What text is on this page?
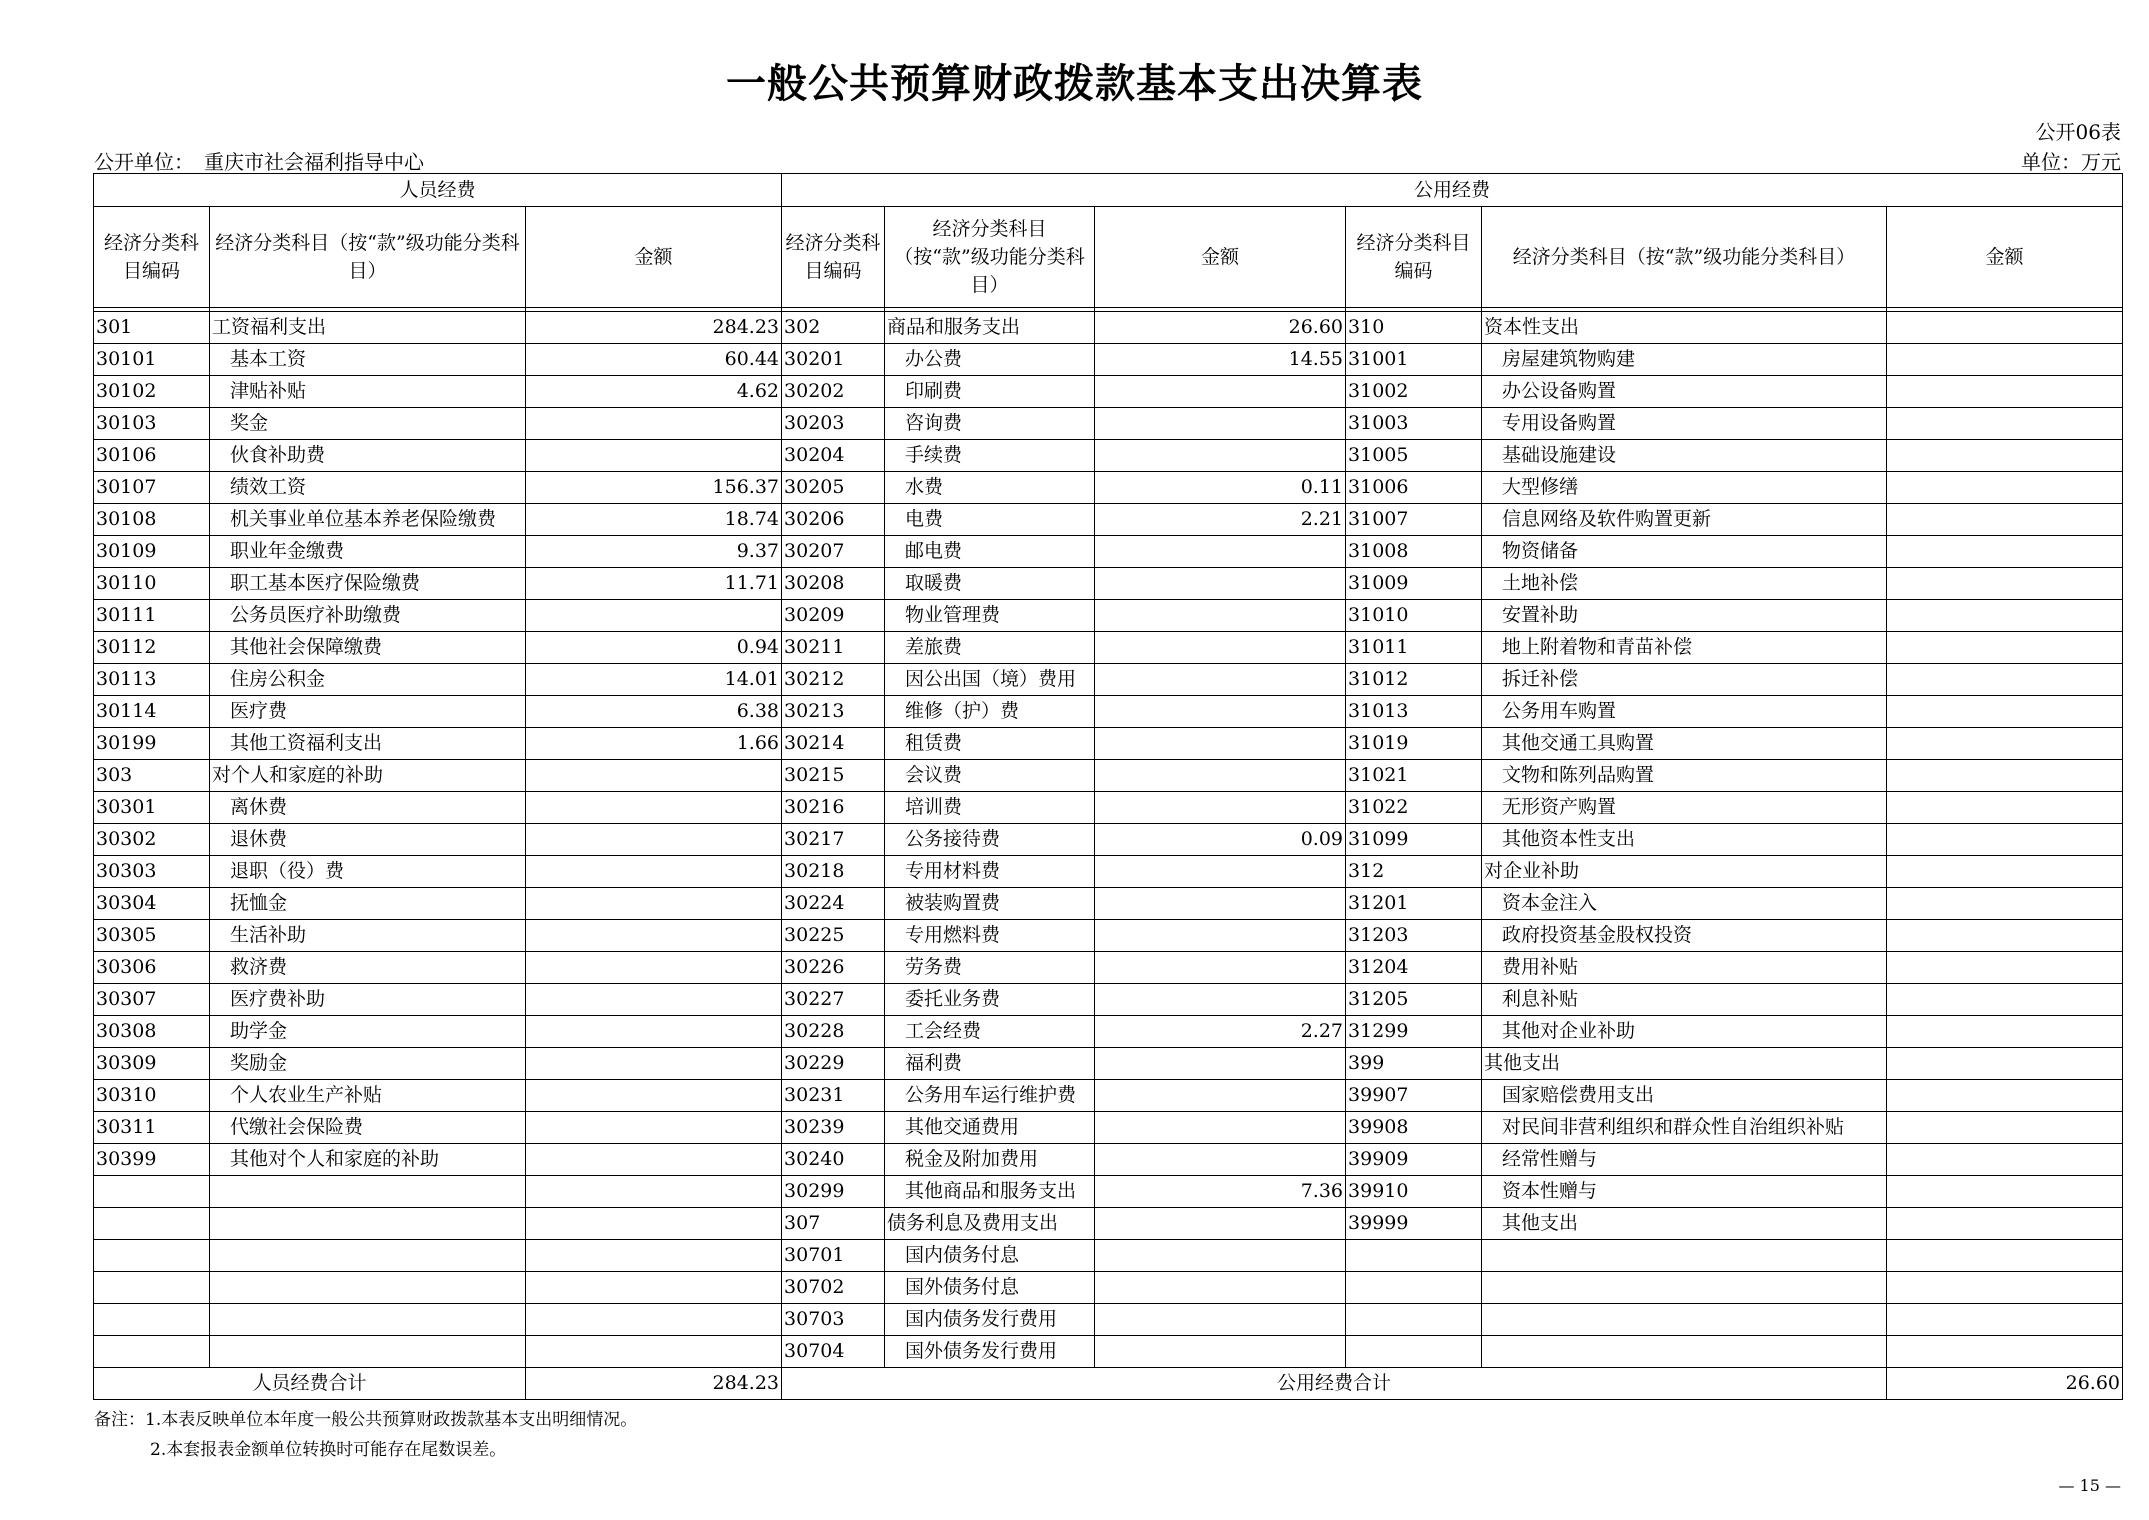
一般公共预算财政拨款基本支出决算表
公开06表
公开单位：　重庆市社会福利指导中心	单位：万元
人员经费			公用经费					
经济分类科目编码	经济分类科目（按“款”级功能分类科目）	金额	经济分类科目编码	经济分类科目（按“款”级功能分类科目）	金额	经济分类科目编码	经济分类科目（按“款”级功能分类科目）	金额

301	工资福利支出	284.23	302	商品和服务支出	26.60	310	资本性支出	
30101	基本工资	60.44	30201	办公费	14.55	31001	房屋建筑物购建	
30102	津贴补贴	4.62	30202	印刷费		31002	办公设备购置	
30103	奖金		30203	咨询费		31003	专用设备购置	
30106	伙食补助费		30204	手续费		31005	基础设施建设	
30107	绩效工资	156.37	30205	水费	0.11	31006	大型修缮	
30108	机关事业单位基本养老保险缴费	18.74	30206	电费	2.21	31007	信息网络及软件购置更新	
30109	职业年金缴费	9.37	30207	邮电费		31008	物资储备	
30110	职工基本医疗保险缴费	11.71	30208	取暖费		31009	土地补偿	
30111	公务员医疗补助缴费		30209	物业管理费		31010	安置补助	
30112	其他社会保障缴费	0.94	30211	差旅费		31011	地上附着物和青苗补偿	
30113	住房公积金	14.01	30212	因公出国（境）费用		31012	拆迁补偿	
30114	医疗费	6.38	30213	维修（护）费		31013	公务用车购置	
30199	其他工资福利支出	1.66	30214	租赁费		31019	其他交通工具购置	
303	对个人和家庭的补助		30215	会议费		31021	文物和陈列品购置	
30301	离休费		30216	培训费		31022	无形资产购置	
30302	退休费		30217	公务接待费	0.09	31099	其他资本性支出	
30303	退职（役）费		30218	专用材料费		312	对企业补助	
30304	抚恤金		30224	被装购置费		31201	资本金注入	
30305	生活补助		30225	专用燃料费		31203	政府投资基金股权投资	
30306	救济费		30226	劳务费		31204	费用补贴	
30307	医疗费补助		30227	委托业务费		31205	利息补贴	
30308	助学金		30228	工会经费	2.27	31299	其他对企业补助	
30309	奖励金		30229	福利费		399	其他支出	
30310	个人农业生产补贴		30231	公务用车运行维护费		39907	国家赔偿费用支出	
30311	代缴社会保险费		30239	其他交通费用		39908	对民间非营利组织和群众性自治组织补贴	
30399	其他对个人和家庭的补助		30240	税金及附加费用		39909	经常性赠与	
			30299	其他商品和服务支出	7.36	39910	资本性赠与	
			307	债务利息及费用支出		39999	其他支出	
			30701	国内债务付息				
			30702	国外债务付息				
			30703	国内债务发行费用				
			30704	国外债务发行费用				
人员经费合计		284.23	公用经费合计					26.60
备注：1.本表反映单位本年度一般公共预算财政拨款基本支出明细情况。
2.本套报表金额单位转换时可能存在尾数误差。
— 15 —
